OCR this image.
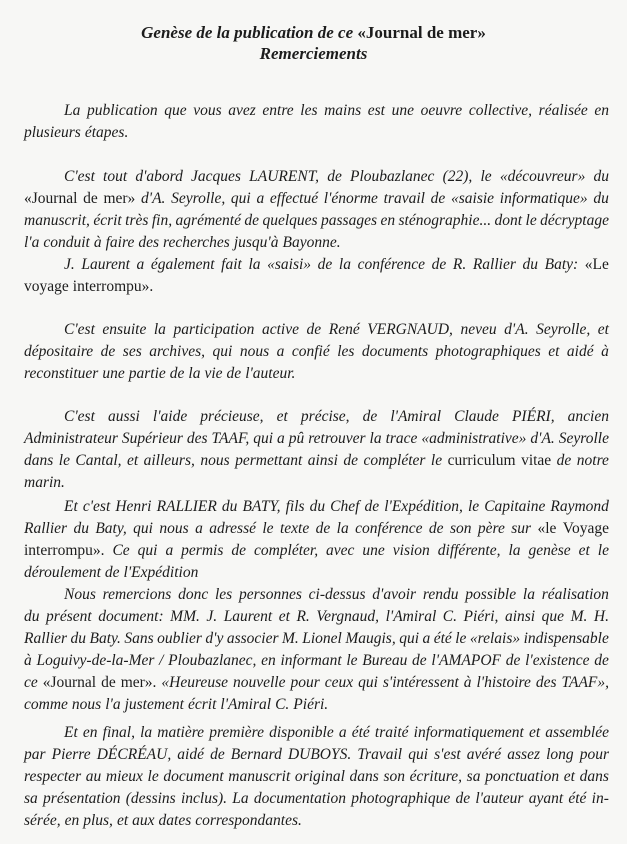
Genèse de la publication de ce «Journal de mer»
Remerciements
La publication que vous avez entre les mains est une oeuvre collective, réalisée en
plusieurs étapes.
C'est tout d'abord Jacques LAURENT, de Ploubazlanec (22), le «découvreur» du
«Journal de mer» d'A. Seyrolle, qui a effectué l'énorme travail de «saisie informatique» du
manuscrit, écrit très fin, agrémenté de quelques passages en sténographie... dont le décryptage
l'a conduit à faire des recherches jusqu'à Bayonne.
J. Laurent a également fait la «saisi» de la conférence de R. Rallier du Baty: «Le
voyage interrompu».
C'est ensuite la participation active de René VERGNAUD, neveu d'A. Seyrolle, et
dépositaire de ses archives, qui nous a confié les documents photographiques et aidé à
reconstituer une partie de la vie de l'auteur.
C'est aussi l'aide précieuse, et précise, de l'Amiral Claude PIÉRI, ancien
Administrateur Supérieur des TAAF, qui a pû retrouver la trace «administrative» d'A. Seyrolle
dans le Cantal, et ailleurs, nous permettant ainsi de compléter le curriculum vitae de notre
marin.
Et c'est Henri RALLIER du BATY, fils du Chef de l'Expédition, le Capitaine Raymond
Rallier du Baty, qui nous a adressé le texte de la conférence de son père sur «le Voyage
interrompu». Ce qui a permis de compléter, avec une vision différente, la genèse et le
déroulement de l'Expédition
Nous remercions donc les personnes ci-dessus d'avoir rendu possible la réalisation
du présent document: MM. J. Laurent et R. Vergnaud, l'Amiral C. Piéri, ainsi que M. H.
Rallier du Baty. Sans oublier d'y associer M. Lionel Maugis, qui a été le «relais» indispensable
à Loguivy-de-la-Mer / Ploubazlanec, en informant le Bureau de l'AMAPOF de l'existence de
ce «Journal de mer». «Heureuse nouvelle pour ceux qui s'intéressent à l'histoire des TAAF»,
comme nous l'a justement écrit l'Amiral C. Piéri.
Et en final, la matière première disponible a été traité informatiquement et assemblée
par Pierre DÉCRÉAU, aidé de Bernard DUBOYS. Travail qui s'est avéré assez long pour
respecter au mieux le document manuscrit original dans son écriture, sa ponctuation et dans
sa présentation (dessins inclus). La documentation photographique de l'auteur ayant été in-
sérée, en plus, et aux dates correspondantes.
